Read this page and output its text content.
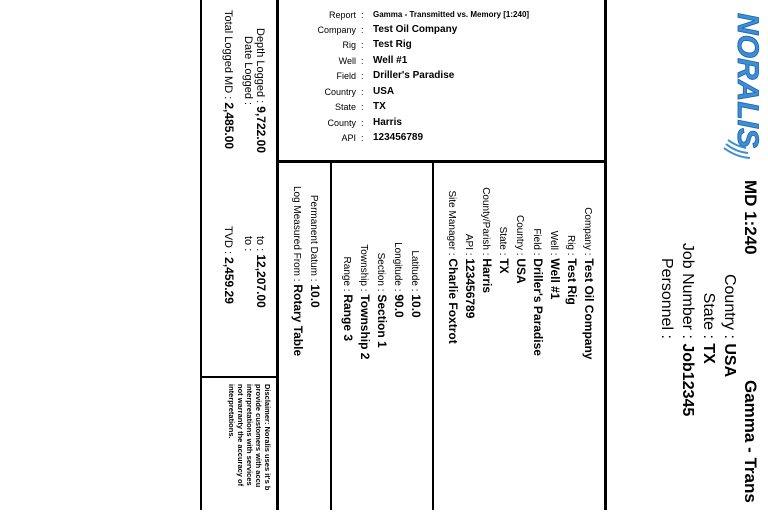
Report : Gamma - Transmitted vs. Memory [1:240]
Company : Test Oil Company
Rig : Test Rig
Well : Well #1
Field : Driller's Paradise
Country : USA
State : TX
County : Harris
API : 123456789	NORALIS
MD 1:240
Country : USA
State : TX
Job Number : Job12345
Personnel :
Gamma - Trans
Company : Test Oil Company
Rig : Test Rig
Well : Well #1
Field : Driller's Paradise
Country : USA
State : TX
County/Parish : Harris
API : 123456789
Site Manager : Charlie Foxtrot
Latitude : 10.0
Longitude : 90.0
Section : Section 1
Township : Township 2
Range : Range 3
Permanent Datum : 10.0
Log Measured From : Rotary Table
Depth Logged : 9,722.00
to : 12,207.00
Date Logged :
to :
Total Logged MD : 2,485.00
TVD : 2,459.29
Disclaimer: Noralis uses it's b
provide customers with accu
interpretations with services
not warranty the accuracy of
interpretations.
